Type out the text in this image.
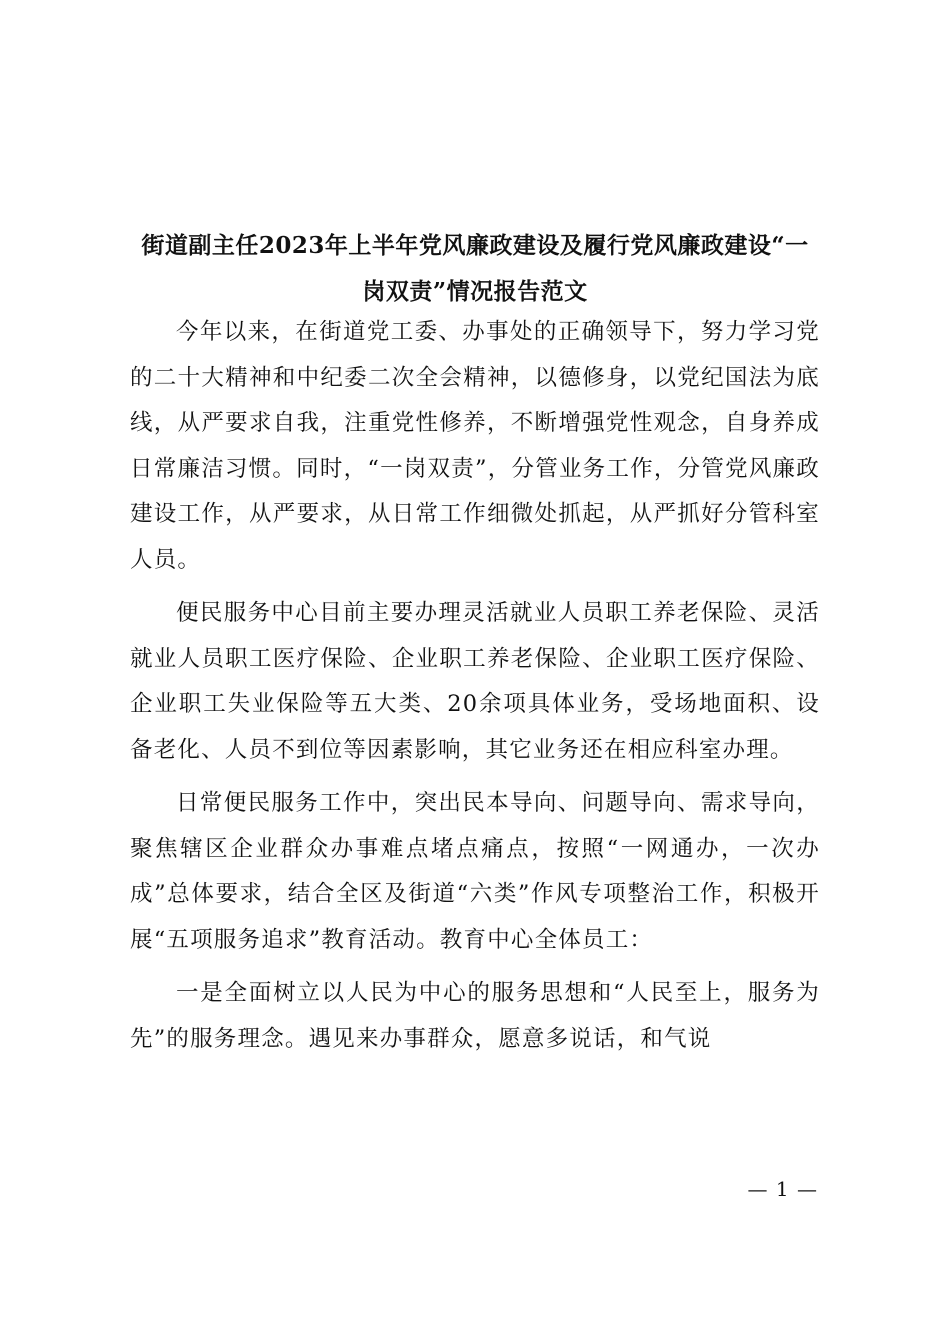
街道副主任2023年上半年党风廉政建设及履行党风廉政建设“一岗双责”情况报告范文

今年以来，在街道党工委、办事处的正确领导下，努力学习党的二十大精神和中纪委二次全会精神，以德修身，以党纪国法为底线，从严要求自我，注重党性修养，不断增强党性观念，自身养成日常廉洁习惯。同时，“一岗双责”，分管业务工作，分管党风廉政建设工作，从严要求，从日常工作细微处抓起，从严抓好分管科室人员。

便民服务中心目前主要办理灵活就业人员职工养老保险、灵活就业人员职工医疗保险、企业职工养老保险、企业职工医疗保险、企业职工失业保险等五大类、20余项具体业务，受场地面积、设备老化、人员不到位等因素影响，其它业务还在相应科室办理。

日常便民服务工作中，突出民本导向、问题导向、需求导向，聚焦辖区企业群众办事难点堵点痛点，按照“一网通办，一次办成”总体要求，结合全区及街道“六类”作风专项整治工作，积极开展“五项服务追求”教育活动。教育中心全体员工：

一是全面树立以人民为中心的服务思想和“人民至上，服务为先”的服务理念。遇见来办事群众，愿意多说话，和气说

— 1 —
